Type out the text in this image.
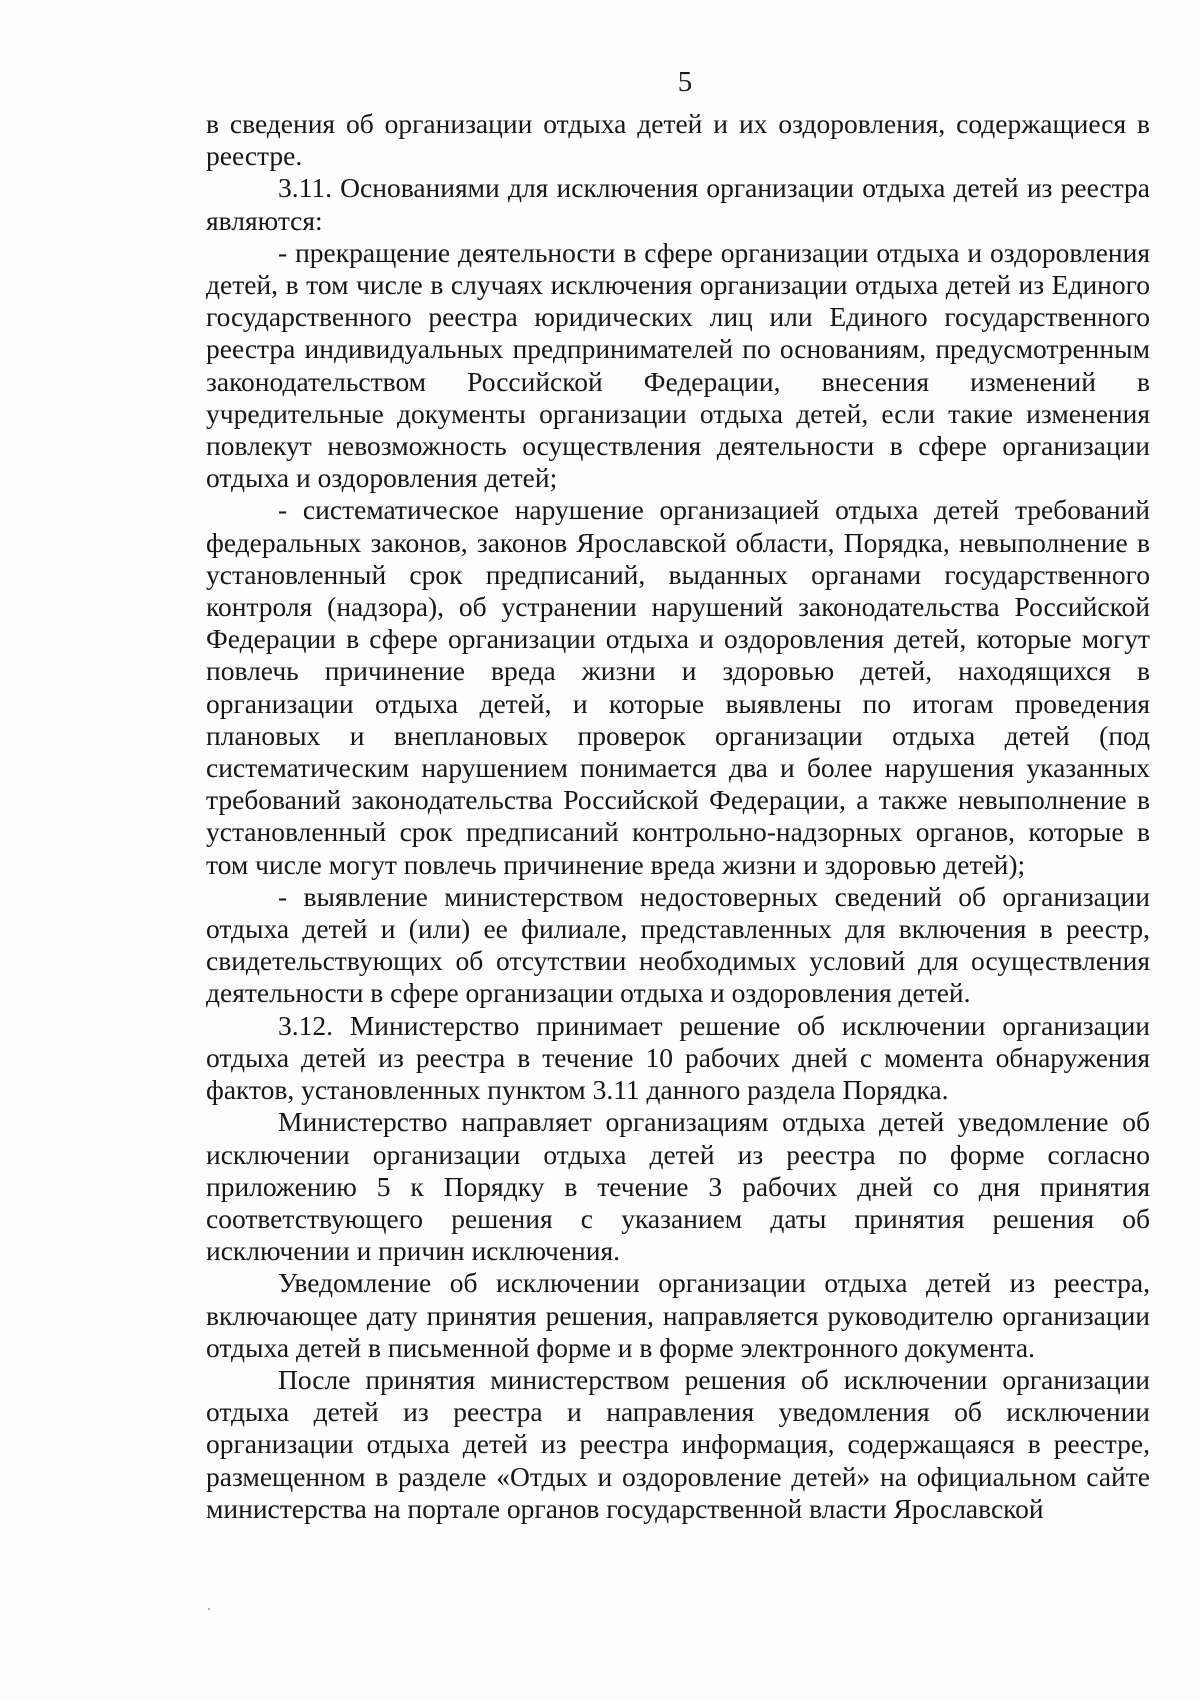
5

в сведения об организации отдыха детей и их оздоровления, содержащиеся в реестре.

3.11. Основаниями для исключения организации отдыха детей из реестра являются:

- прекращение деятельности в сфере организации отдыха и оздоровления детей, в том числе в случаях исключения организации отдыха детей из Единого государственного реестра юридических лиц или Единого государственного реестра индивидуальных предпринимателей по основаниям, предусмотренным законодательством Российской Федерации, внесения изменений в учредительные документы организации отдыха детей, если такие изменения повлекут невозможность осуществления деятельности в сфере организации отдыха и оздоровления детей;

- систематическое нарушение организацией отдыха детей требований федеральных законов, законов Ярославской области, Порядка, невыполнение в установленный срок предписаний, выданных органами государственного контроля (надзора), об устранении нарушений законодательства Российской Федерации в сфере организации отдыха и оздоровления детей, которые могут повлечь причинение вреда жизни и здоровью детей, находящихся в организации отдыха детей, и которые выявлены по итогам проведения плановых и внеплановых проверок организации отдыха детей (под систематическим нарушением понимается два и более нарушения указанных требований законодательства Российской Федерации, а также невыполнение в установленный срок предписаний контрольно-надзорных органов, которые в том числе могут повлечь причинение вреда жизни и здоровью детей);

- выявление министерством недостоверных сведений об организации отдыха детей и (или) ее филиале, представленных для включения в реестр, свидетельствующих об отсутствии необходимых условий для осуществления деятельности в сфере организации отдыха и оздоровления детей.

3.12. Министерство принимает решение об исключении организации отдыха детей из реестра в течение 10 рабочих дней с момента обнаружения фактов, установленных пунктом 3.11 данного раздела Порядка.

Министерство направляет организациям отдыха детей уведомление об исключении организации отдыха детей из реестра по форме согласно приложению 5 к Порядку в течение 3 рабочих дней со дня принятия соответствующего решения с указанием даты принятия решения об исключении и причин исключения.

Уведомление об исключении организации отдыха детей из реестра, включающее дату принятия решения, направляется руководителю организации отдыха детей в письменной форме и в форме электронного документа.

После принятия министерством решения об исключении организации отдыха детей из реестра и направления уведомления об исключении организации отдыха детей из реестра информация, содержащаяся в реестре, размещенном в разделе «Отдых и оздоровление детей» на официальном сайте министерства на портале органов государственной власти Ярославской
